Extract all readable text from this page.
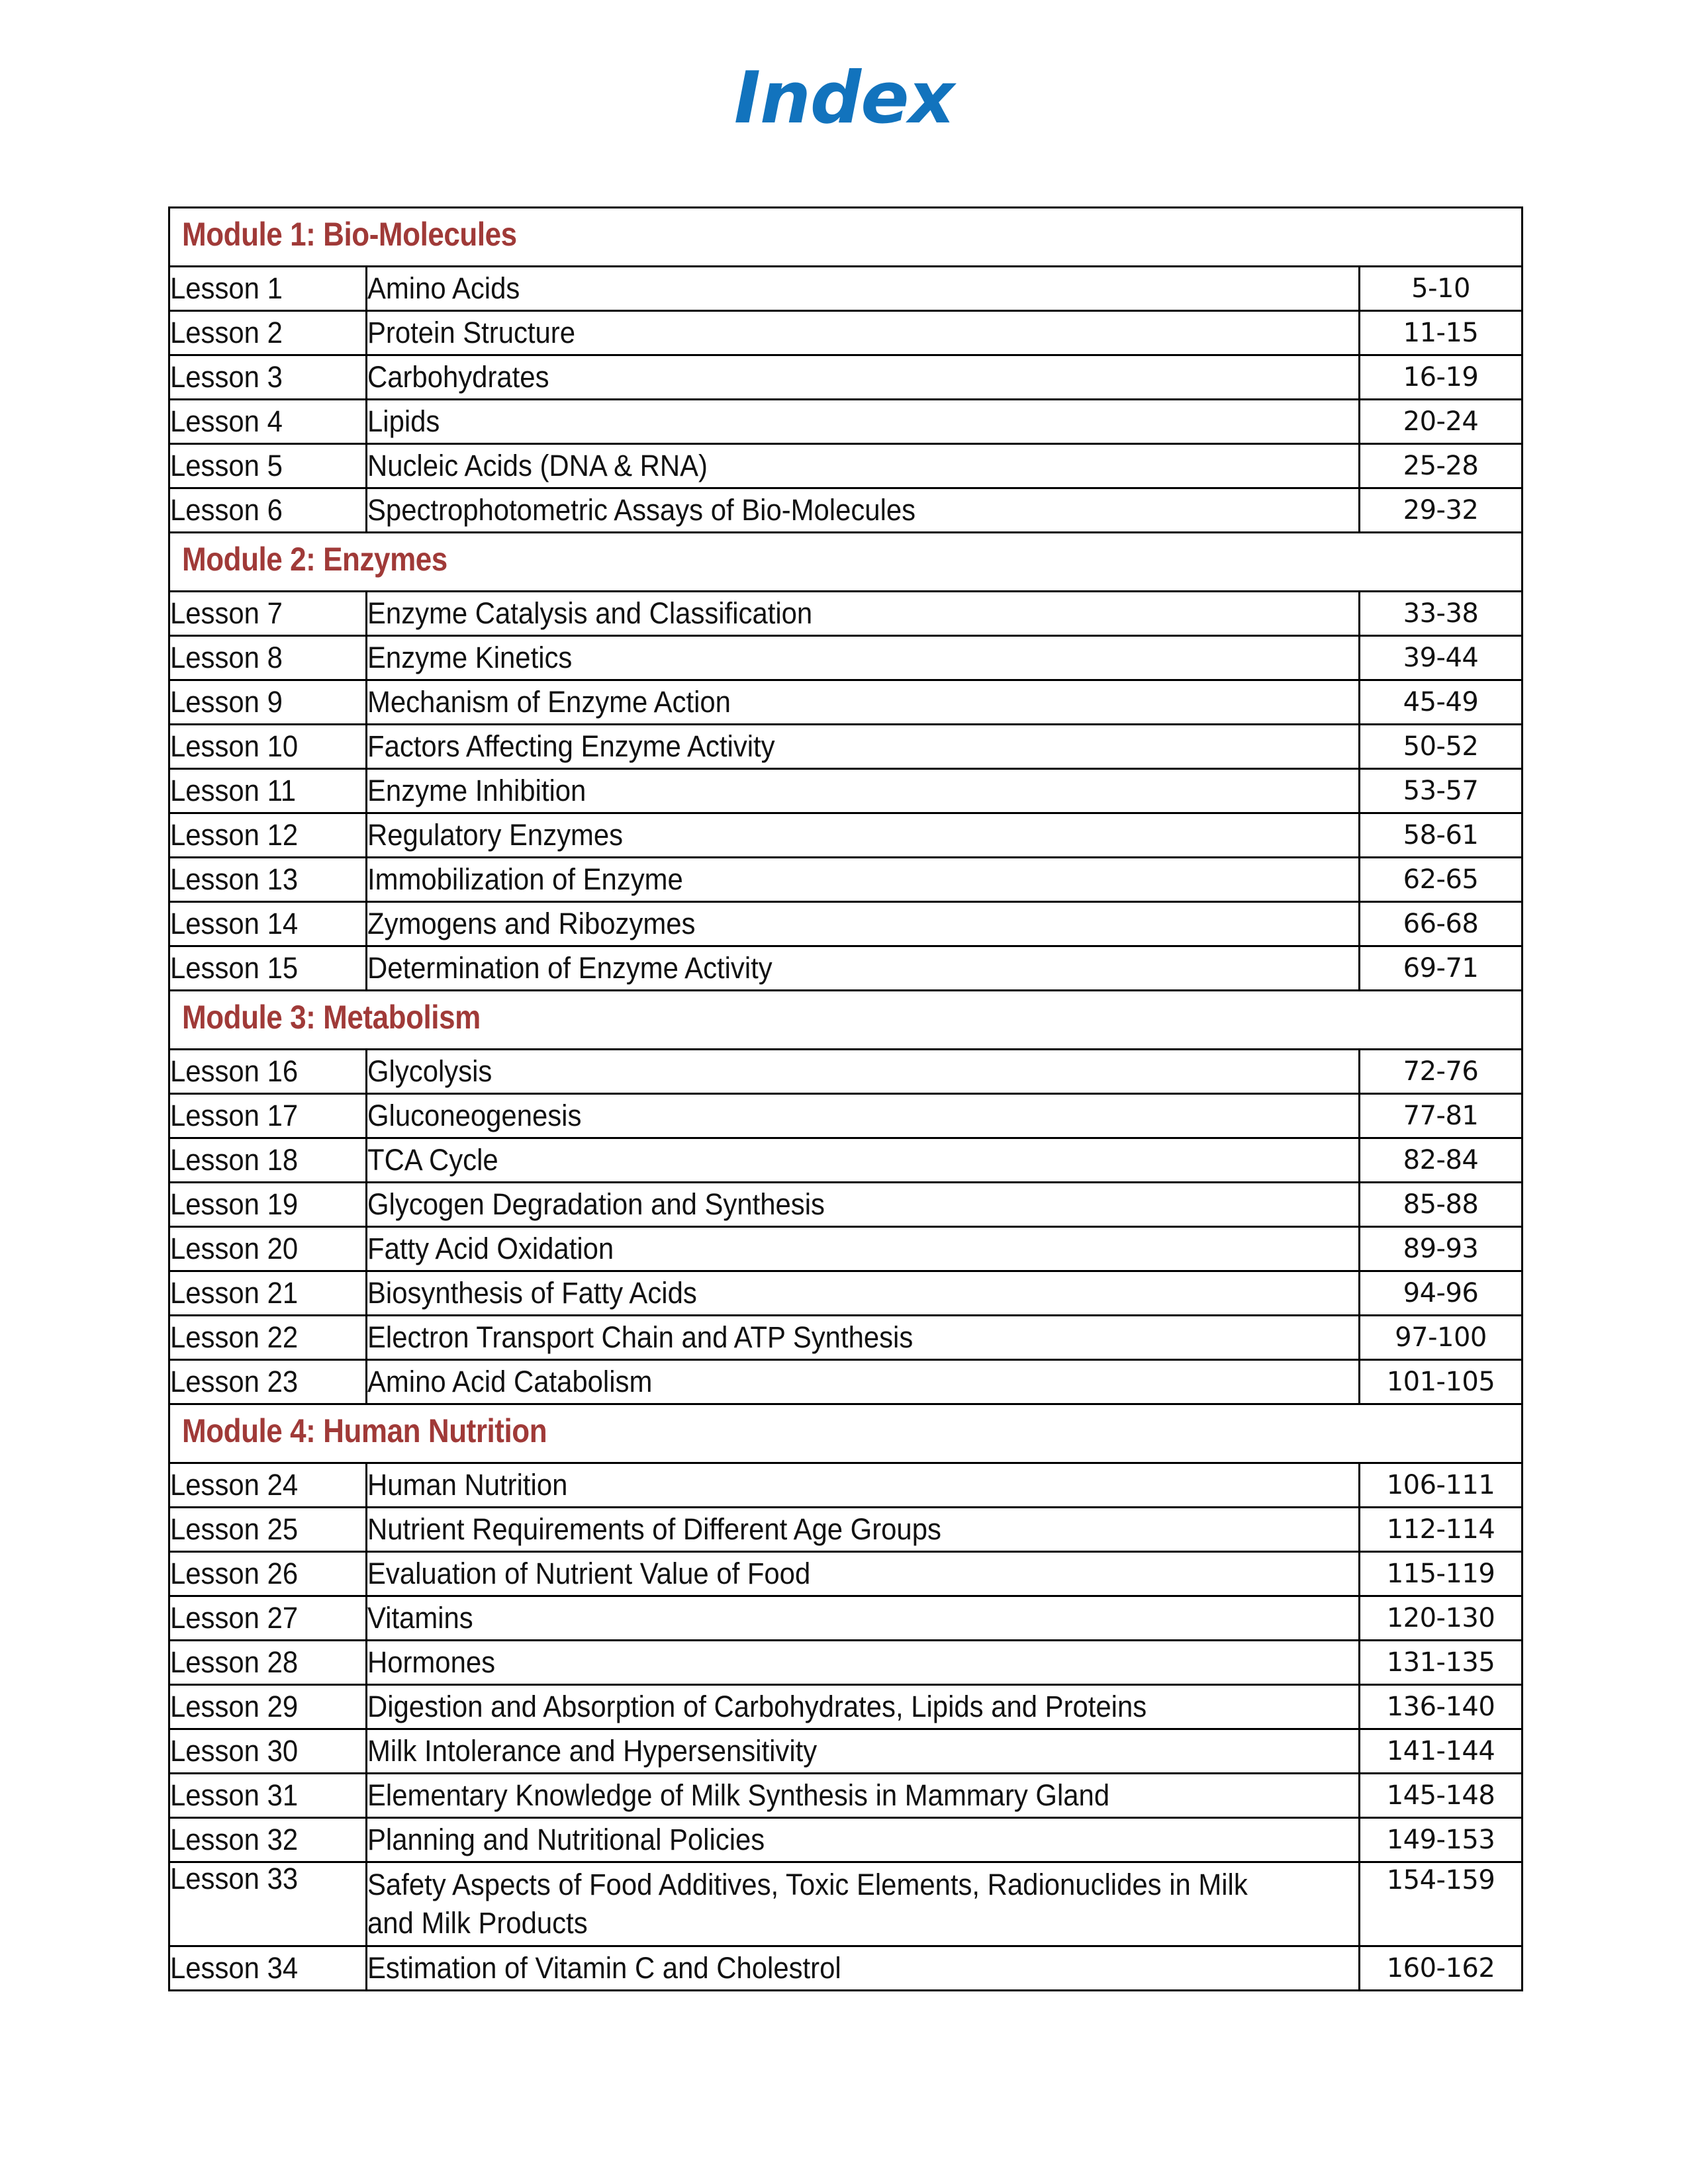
Index
Module 1: Bio-Molecules		
Lesson 1	Amino Acids	5-10
Lesson 2	Protein Structure	11-15
Lesson 3	Carbohydrates	16-19
Lesson 4	Lipids	20-24
Lesson 5	Nucleic Acids (DNA & RNA)	25-28
Lesson 6	Spectrophotometric Assays of Bio-Molecules	29-32
Module 2: Enzymes		
Lesson 7	Enzyme Catalysis and Classification	33-38
Lesson 8	Enzyme Kinetics	39-44
Lesson 9	Mechanism of Enzyme Action	45-49
Lesson 10	Factors Affecting Enzyme Activity	50-52
Lesson 11	Enzyme Inhibition	53-57
Lesson 12	Regulatory Enzymes	58-61
Lesson 13	Immobilization of Enzyme	62-65
Lesson 14	Zymogens and Ribozymes	66-68
Lesson 15	Determination of Enzyme Activity	69-71
Module 3: Metabolism		
Lesson 16	Glycolysis	72-76
Lesson 17	Gluconeogenesis	77-81
Lesson 18	TCA Cycle	82-84
Lesson 19	Glycogen Degradation and Synthesis	85-88
Lesson 20	Fatty Acid Oxidation	89-93
Lesson 21	Biosynthesis of Fatty Acids	94-96
Lesson 22	Electron Transport Chain and ATP Synthesis	97-100
Lesson 23	Amino Acid Catabolism	101-105
Module 4: Human Nutrition		
Lesson 24	Human Nutrition	106-111
Lesson 25	Nutrient Requirements of Different Age Groups	112-114
Lesson 26	Evaluation of Nutrient Value of Food	115-119
Lesson 27	Vitamins	120-130
Lesson 28	Hormones	131-135
Lesson 29	Digestion and Absorption of Carbohydrates, Lipids and Proteins	136-140
Lesson 30	Milk Intolerance and Hypersensitivity	141-144
Lesson 31	Elementary Knowledge of Milk Synthesis in Mammary Gland	145-148
Lesson 32	Planning and Nutritional Policies	149-153
Lesson 33	Safety Aspects of Food Additives, Toxic Elements, Radionuclides in Milk and Milk Products	154-159
Lesson 34	Estimation of Vitamin C and Cholestrol	160-162
